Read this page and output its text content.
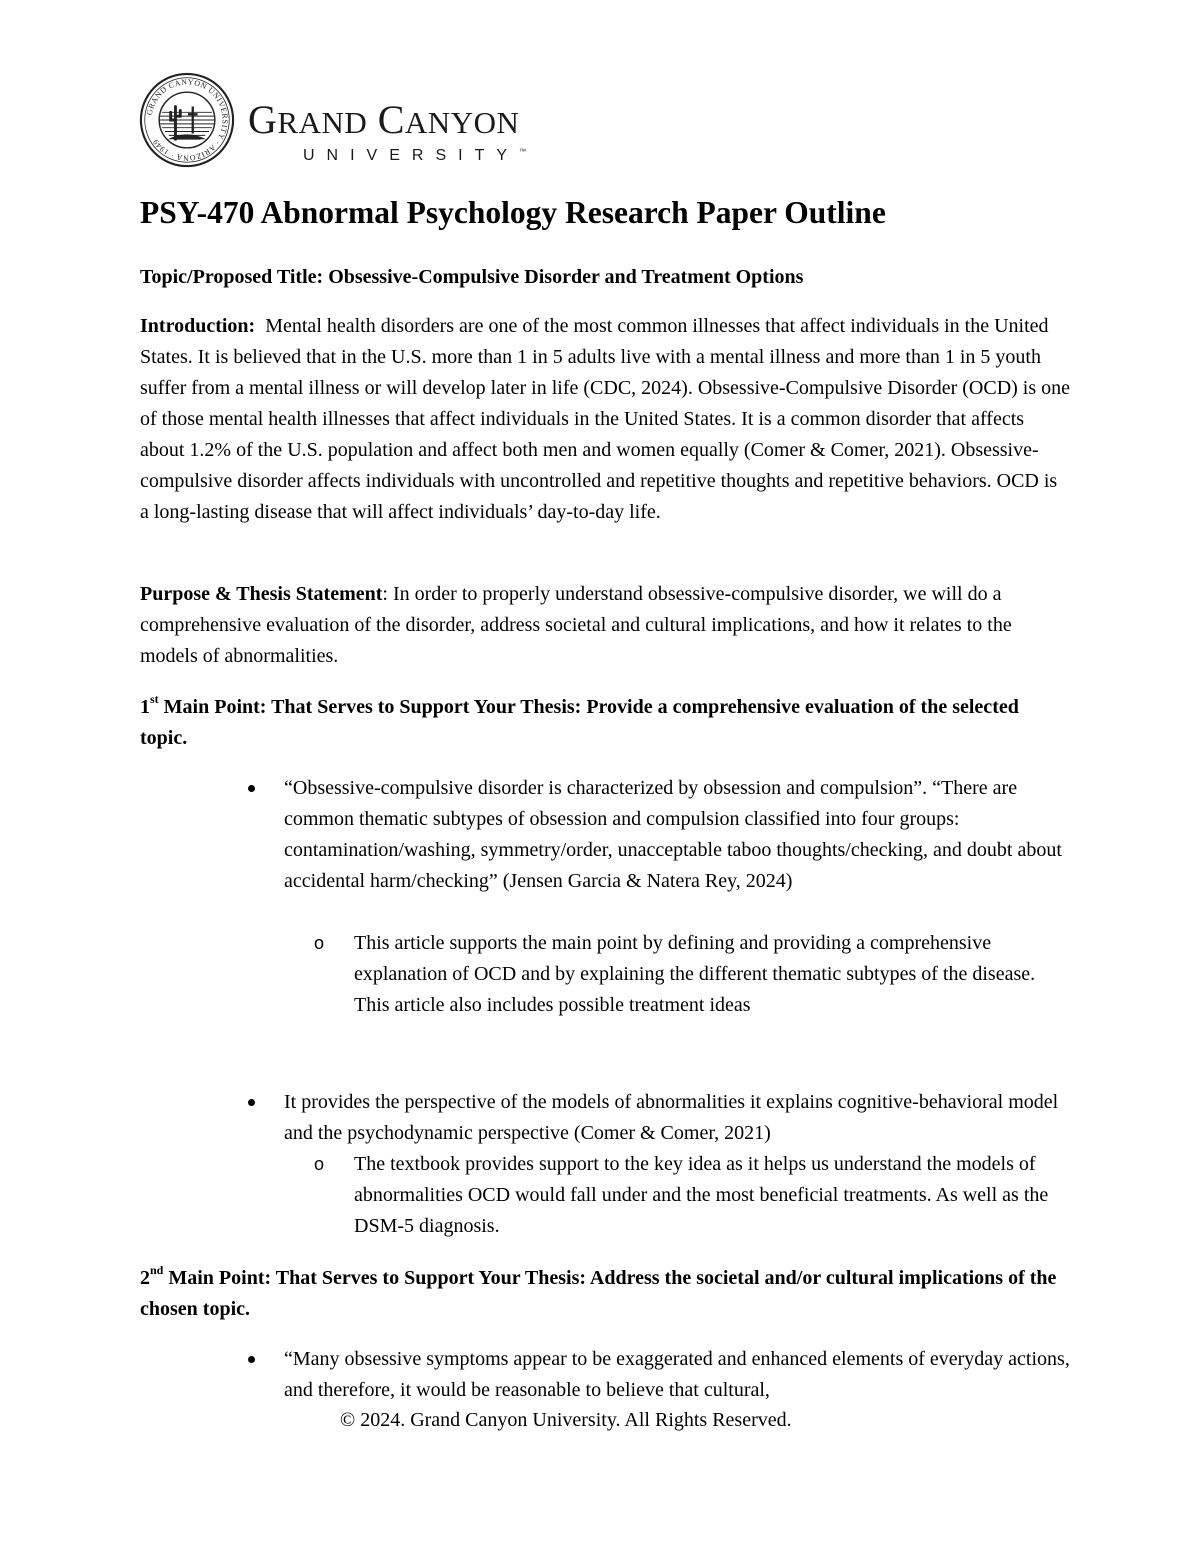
GRAND CANYON UNIVERSITY · ARIZONA · 1949	GRAND CANYON
UNIVERSITY™
PSY-470 Abnormal Psychology Research Paper Outline

Topic/Proposed Title: Obsessive-Compulsive Disorder and Treatment Options

Introduction:  Mental health disorders are one of the most common illnesses that affect individuals in the United States. It is believed that in the U.S. more than 1 in 5 adults live with a mental illness and more than 1 in 5 youth suffer from a mental illness or will develop later in life (CDC, 2024). Obsessive-Compulsive Disorder (OCD) is one of those mental health illnesses that affect individuals in the United States. It is a common disorder that affects about 1.2% of the U.S. population and affect both men and women equally (Comer & Comer, 2021). Obsessive-compulsive disorder affects individuals with uncontrolled and repetitive thoughts and repetitive behaviors. OCD is a long-lasting disease that will affect individuals’ day-to-day life.

Purpose & Thesis Statement: In order to properly understand obsessive-compulsive disorder, we will do a comprehensive evaluation of the disorder, address societal and cultural implications, and how it relates to the models of abnormalities.

1st Main Point: That Serves to Support Your Thesis: Provide a comprehensive evaluation of the selected topic.

“Obsessive-compulsive disorder is characterized by obsession and compulsion”. “There are common thematic subtypes of obsession and compulsion classified into four groups: contamination/washing, symmetry/order, unacceptable taboo thoughts/checking, and doubt about accidental harm/checking” (Jensen Garcia & Natera Rey, 2024)
o This article supports the main point by defining and providing a comprehensive explanation of OCD and by explaining the different thematic subtypes of the disease. This article also includes possible treatment ideas
It provides the perspective of the models of abnormalities it explains cognitive-behavioral model and the psychodynamic perspective (Comer & Comer, 2021)
o The textbook provides support to the key idea as it helps us understand the models of abnormalities OCD would fall under and the most beneficial treatments. As well as the DSM-5 diagnosis.

2nd Main Point: That Serves to Support Your Thesis: Address the societal and/or cultural implications of the chosen topic.

“Many obsessive symptoms appear to be exaggerated and enhanced elements of everyday actions, and therefore, it would be reasonable to believe that cultural,
© 2024. Grand Canyon University. All Rights Reserved.
